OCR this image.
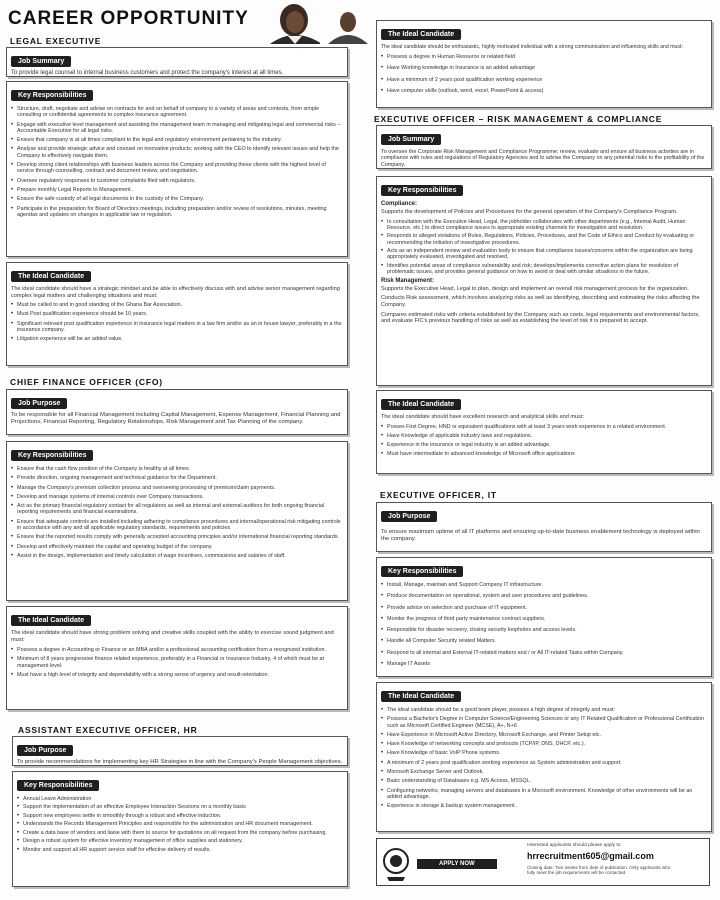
CAREER OPPORTUNITY
LEGAL EXECUTIVE
Job Summary
To provide legal counsel to internal business customers and protect the company's interest at all times.
Key Responsibilities
• Structure, draft, negotiate and advise on contracts for and on behalf of company in a variety of areas and contexts, from simple consulting or confidential agreements to complex insurance agreement.
• Engage with executive level management and assisting the management team in managing and mitigating legal and commercial risks – Accountable Executive for all legal risks.
• Ensure that company is at all times compliant to the legal and regulatory environment pertaining to the industry.
• Analyse and provide strategic advice and counsel on innovative products; working with the CEO to identify relevant issues and help the Company to effectively navigate them.
• Develop strong client relationships with business leaders across the Company and providing these clients with the highest level of service through counselling, contract and document review, and negotiation.
• Oversee regulatory responses to customer complaints filed with regulators.
• Prepare monthly Legal Reports to Management.
• Ensure the safe custody of all legal documents in the custody of the Company.
• Participate in the preparation for Board of Directors meetings, including preparation and/or review of resolutions, minutes, meeting agendas and updates on changes in applicable law or regulation.
The Ideal Candidate
The ideal candidate should have a strategic mindset and be able to effectively discuss with and advise senior management regarding complex legal matters and challenging situations and must:
• Must be called to and in good standing of the Ghana Bar Association.
• Must Post qualification experience should be 10 years.
• Significant relevant post qualification experience in insurance legal matters in a law firm and/or as an in house lawyer, preferably in a the insurance company.
• Litigation experience will be an added value.
CHIEF FINANCE OFFICER (CFO)
Job Purpose
To be responsible for all Financial Management including Capital Management, Expense Management, Financial Planning and Projections, Financial Reporting, Regulatory Relationships, Risk Management and Tax Planning of the company.
Key Responsibilities
• Ensure that the cash flow position of the Company is healthy at all times.
• Provide direction, ongoing management and technical guidance for the Department.
• Manage the Company's premium collection process and overseeing processing of premium/claim payments.
• Develop and manage systems of internal controls over Company transactions.
• Act as the primary financial regulatory contact for all regulators as well as internal and external auditors for both ongoing financial reporting requirements and financial examinations.
• Ensure that adequate controls are installed including adhering to compliance procedures and internal/operational risk mitigating controls in accordance with any and all applicable regulatory standards, requirements and policies.
• Ensure that the reported results comply with generally accepted accounting principles and/or international financial reporting standards.
• Develop and effectively maintain the capital and operating budget of the company.
• Assist in the design, implementation and timely calculation of wage incentives, commissions and salaries of staff.
The Ideal Candidate
The ideal candidate should have strong problem solving and creative skills coupled with the ability to exercise sound judgment and must:
• Possess a degree in Accounting or Finance or an MBA and/or a professional accounting certification from a recognized institution.
• Minimum of 8 years progressive finance related experience, preferably in a Financial or Insurance Industry, 4 of which must be at management level.
• Must have a high level of integrity and dependability with a strong sense of urgency and result-orientation.
ASSISTANT EXECUTIVE OFFICER, HR
Job Purpose
To provide recommendations for implementing key HR Strategies in line with the Company's People Management objectives.
Key Responsibilities
• Annual Leave Administration
• Support the implementation of an effective Employee Interaction Sessions on a monthly basis
• Support new employees settle in smoothly through a robust and effective induction.
• Understands the Records Management Principles and responsible for the administration and HR document management.
• Create a data base of vendors and liaise with them to source for quotations on all request from the company before purchasing.
• Design a robust system for effective inventory management of office supplies and stationery.
• Monitor and support all HR support service staff for effective delivery of results.
The Ideal Candidate
The ideal candidate should be enthusiastic, highly motivated individual with a strong communication and influencing skills and must:
• Possess a degree in Human Resource or related field
• Have Working knowledge in Insurance is an added advantage
• Have a minimum of 2 years post qualification working experience
• Have computer skills (outlook, word, excel, PowerPoint & access)
EXECUTIVE OFFICER – RISK MANAGEMENT & COMPLIANCE
Job Summary
To oversee the Corporate Risk Management and Compliance Programme; review, evaluate and ensure all business activities are in compliance with rules and regulations of Regulatory Agencies and to advise the Company on any potential risks to the profitability of the Company.
Key Responsibilities
Compliance:
Supports the development of Policies and Procedures for the general operation of the Company's Compliance Program.
• In consultation with the Executive Head, Legal, the jobholder collaborates with other departments (e.g., Internal Audit, Human Resource, etc.) to direct compliance issues to appropriate existing channels for investigation and resolution.
• Responds to alleged violations of Rules, Regulations, Policies, Procedures, and the Code of Ethics and Conduct by evaluating or recommending the initiation of investigative procedures.
• Acts as an independent review and evaluation body to ensure that compliance issues/concerns within the organization are being appropriately evaluated, investigated and resolved.
• Identifies potential areas of compliance vulnerability and risk; develops/implements corrective action plans for resolution of problematic issues, and provides general guidance on how to avoid or deal with similar situations in the future.
Risk Management:
Supports the Executive Head, Legal to plan, design and implement an overall risk management process for the organization.
Conducts Risk assessment, which involves analyzing risks as well as identifying, describing and estimating the risks affecting the Company.
Compares estimated risks with criteria established by the Company such as costs, legal requirements and environmental factors, and evaluate FIC's previous handling of risks as well as establishing the level of risk it is prepared to accept.
The Ideal Candidate
The ideal candidate should have excellent research and analytical skills and must:
• Posses First Degree, HND or equivalent qualifications with at least 3 years work experience in a related environment.
• Have Knowledge of applicable industry laws and regulations.
• Experience in the insurance or legal industry is an added advantage.
• Must have intermediate to advanced knowledge of Microsoft office applications
EXECUTIVE OFFICER, IT
Job Purpose
To ensure maximum uptime of all IT platforms and ensuring up-to-date business enablement technology is deployed within the company.
Key Responsibilities
• Install, Manage, maintain and Support Company IT infrastructure.
• Produce documentation on operational, system and user procedures and guidelines.
• Provide advice on selection and purchase of IT equipment.
• Monitor the progress of third party maintenance contract suppliers.
• Responsible for disaster recovery, closing security loopholes and access levels.
• Handle all Computer Security related Matters.
• Respond to all internal and External IT-related matters and / or All IT-related Tasks within Company.
• Manage IT Assets
The Ideal Candidate
• The ideal candidate should be a good team player, possess a high degree of integrity and must:
• Possess a Bachelor's Degree in Computer Science/Engineering Sciences or any IT Related Qualification or Professional Certification such as Microsoft Certified Engineer (MCSE), A+, N+6
• Have Experience in Microsoft Active Directory, Microsoft Exchange, and Printer Setup etc.
• Have Knowledge of networking concepts and protocols (TCP/IP, DNS, DHCP, etc.).
• Have Knowledge of basic VoIP Phone systems.
• A minimum of 2 years post qualification working experience as System administration and support.
• Microsoft Exchange Server and Outlook.
• Basic understanding of Databases e.g. MS Access, MSSQL.
• Configuring networks, managing servers and databases in a Microsoft environment. Knowledge of other environments will be an added advantage.
• Experience in storage & backup system management.
APPLY NOW
Interested applicants should please apply to:
hrrecruitment605@gmail.com
Closing date: Two weeks from date of publication. Only applicants who fully meet the job requirements will be contacted.
